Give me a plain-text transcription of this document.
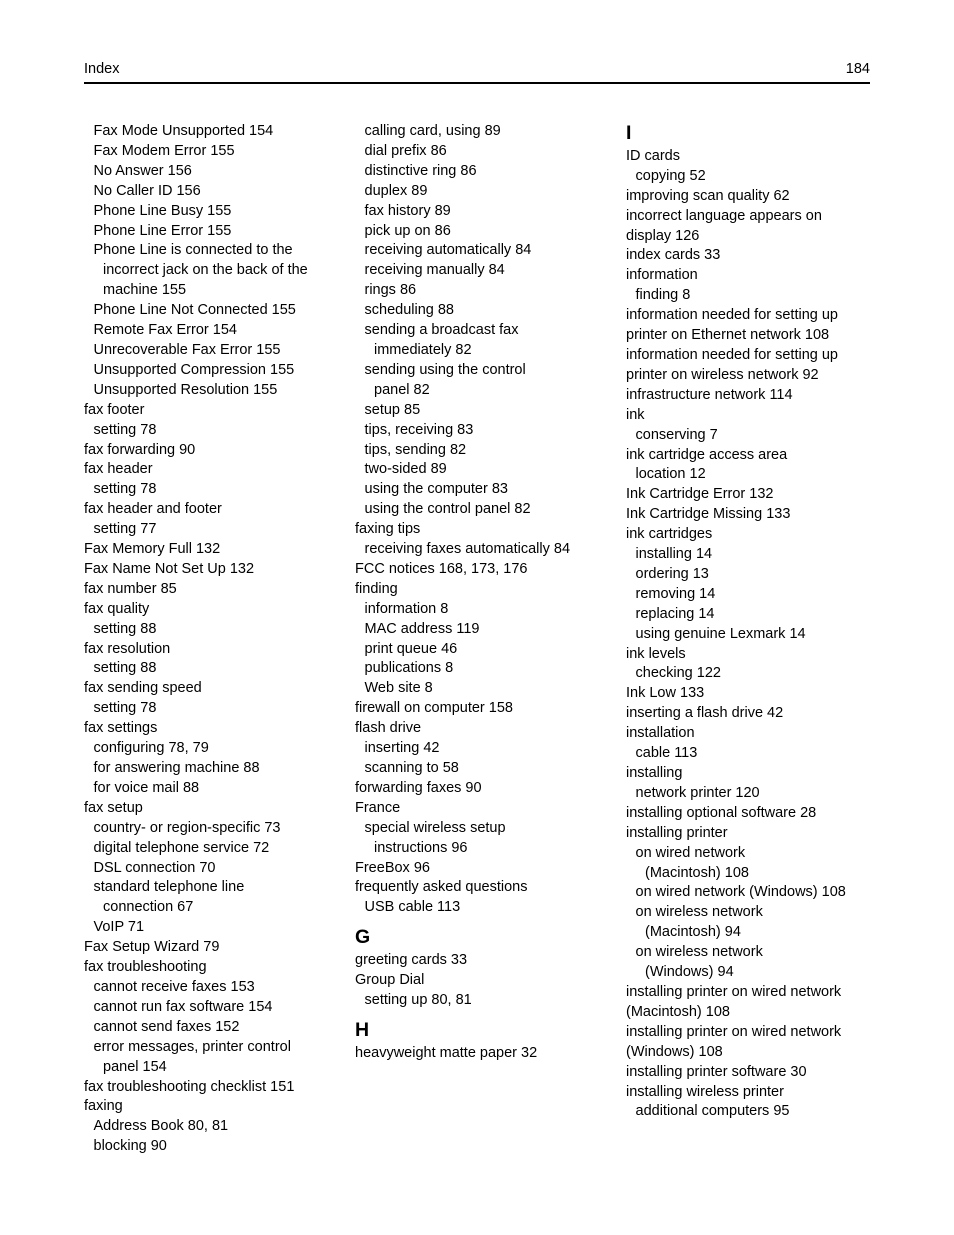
Index	184
Fax Mode Unsupported 154
Fax Modem Error 155
No Answer 156
No Caller ID 156
Phone Line Busy 155
Phone Line Error 155
Phone Line is connected to the
incorrect jack on the back of the
machine 155
Phone Line Not Connected 155
Remote Fax Error 154
Unrecoverable Fax Error 155
Unsupported Compression 155
Unsupported Resolution 155
fax footer
setting 78
fax forwarding 90
fax header
setting 78
fax header and footer
setting 77
Fax Memory Full 132
Fax Name Not Set Up 132
fax number 85
fax quality
setting 88
fax resolution
setting 88
fax sending speed
setting 78
fax settings
configuring 78, 79
for answering machine 88
for voice mail 88
fax setup
country- or region-specific 73
digital telephone service 72
DSL connection 70
standard telephone line
connection 67
VoIP 71
Fax Setup Wizard 79
fax troubleshooting
cannot receive faxes 153
cannot run fax software 154
cannot send faxes 152
error messages, printer control
panel 154
fax troubleshooting checklist 151
faxing
Address Book 80, 81
blocking 90
calling card, using 89
dial prefix 86
distinctive ring 86
duplex 89
fax history 89
pick up on 86
receiving automatically 84
receiving manually 84
rings 86
scheduling 88
sending a broadcast fax
immediately 82
sending using the control
panel 82
setup 85
tips, receiving 83
tips, sending 82
two-sided 89
using the computer 83
using the control panel 82
faxing tips
receiving faxes automatically 84
FCC notices 168, 173, 176
finding
information 8
MAC address 119
print queue 46
publications 8
Web site 8
firewall on computer 158
flash drive
inserting 42
scanning to 58
forwarding faxes 90
France
special wireless setup
instructions 96
FreeBox 96
frequently asked questions
USB cable 113
G
greeting cards 33
Group Dial
setting up 80, 81
H
heavyweight matte paper 32
I
ID cards
copying 52
improving scan quality 62
incorrect language appears on
display 126
index cards 33
information
finding 8
information needed for setting up
printer on Ethernet network 108
information needed for setting up
printer on wireless network 92
infrastructure network 114
ink
conserving 7
ink cartridge access area
location 12
Ink Cartridge Error 132
Ink Cartridge Missing 133
ink cartridges
installing 14
ordering 13
removing 14
replacing 14
using genuine Lexmark 14
ink levels
checking 122
Ink Low 133
inserting a flash drive 42
installation
cable 113
installing
network printer 120
installing optional software 28
installing printer
on wired network
(Macintosh) 108
on wired network (Windows) 108
on wireless network
(Macintosh) 94
on wireless network
(Windows) 94
installing printer on wired network
(Macintosh) 108
installing printer on wired network
(Windows) 108
installing printer software 30
installing wireless printer
additional computers 95
